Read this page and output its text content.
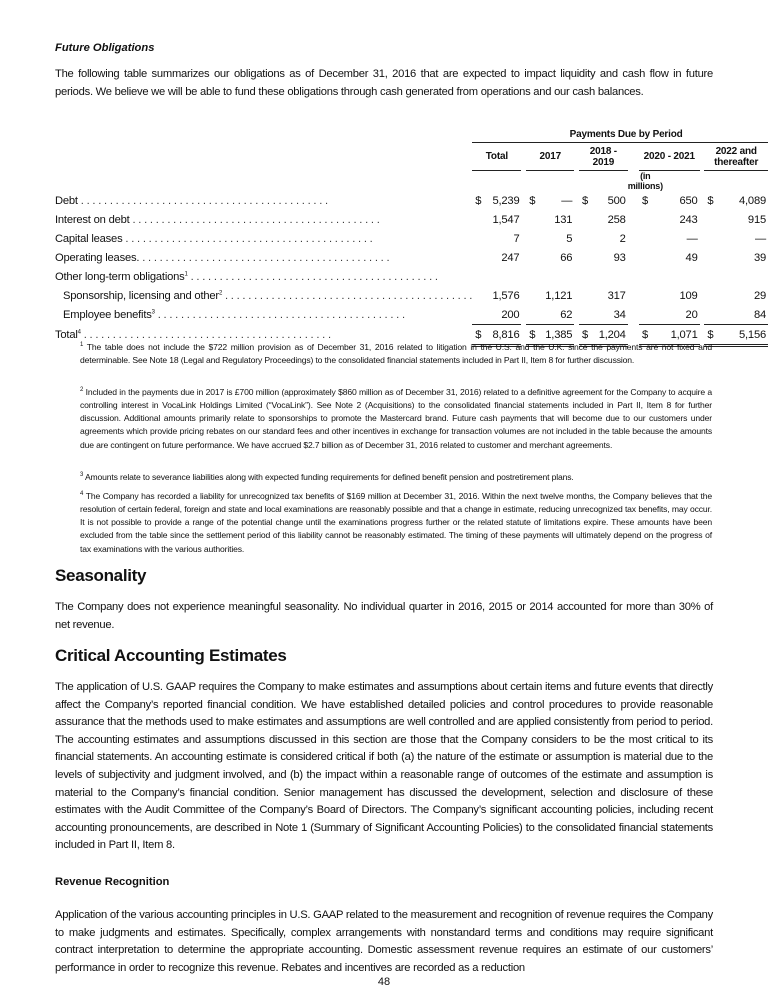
Future Obligations
The following table summarizes our obligations as of December 31, 2016 that are expected to impact liquidity and cash flow in future periods. We believe we will be able to fund these obligations through cash generated from operations and our cash balances.
	Payments Due by Period													
	Total			2017			2018 - 2019			2020 - 2021			2022 and thereafter	
									(in millions)					
Debt . . . . . . . . . . . . . . . . . . . . . . . . . . . . . . . . . . . . . . . . . . .	$	5,239		$	—		$	500		$	650		$	4,089
Interest on debt . . . . . . . . . . . . . . . . . . . . . . . . . . . . . . . . . . . . . . . . . . .		1,547			131			258			243			915
Capital leases . . . . . . . . . . . . . . . . . . . . . . . . . . . . . . . . . . . . . . . . . . .		7			5			2			—			—
Operating leases. . . . . . . . . . . . . . . . . . . . . . . . . . . . . . . . . . . . . . . . . . . .		247			66			93			49			39
Other long-term obligations$^1$ . . . . . . . . . . . . . . . . . . . . . . . . . . . . . . . . . . . . . . . . . . .														
Sponsorship, licensing and other$^2$ . . . . . . . . . . . . . . . . . . . . . . . . . . . . . . . . . . . . . . . . . . .		1,576			1,121			317			109			29
Employee benefits$^3$ . . . . . . . . . . . . . . . . . . . . . . . . . . . . . . . . . . . . . . . . . . .		200			62			34			20			84
Total$^4$ . . . . . . . . . . . . . . . . . . . . . . . . . . . . . . . . . . . . . . . . . . .	$	8,816		$	1,385		$	1,204		$	1,071		$	5,156
$^1$ The table does not include the $722 million provision as of December 31, 2016 related to litigation in the U.S. and the U.K. since the payments are not fixed and determinable. See Note 18 (Legal and Regulatory Proceedings) to the consolidated financial statements included in Part II, Item 8 for further discussion.
$^2$ Included in the payments due in 2017 is £700 million (approximately $860 million as of December 31, 2016) related to a definitive agreement for the Company to acquire a controlling interest in VocaLink Holdings Limited (“VocaLink”). See Note 2 (Acquisitions) to the consolidated financial statements included in Part II, Item 8 for further discussion. Additional amounts primarily relate to sponsorships to promote the Mastercard brand. Future cash payments that will become due to our customers under agreements which provide pricing rebates on our standard fees and other incentives in exchange for transaction volumes are not included in the table because the amounts due are contingent on future performance. We have accrued $2.7 billion as of December 31, 2016 related to customer and merchant agreements.
$^3$ Amounts relate to severance liabilities along with expected funding requirements for defined benefit pension and postretirement plans.
$^4$ The Company has recorded a liability for unrecognized tax benefits of $169 million at December 31, 2016. Within the next twelve months, the Company believes that the resolution of certain federal, foreign and state and local examinations are reasonably possible and that a change in estimate, reducing unrecognized tax benefits, may occur. It is not possible to provide a range of the potential change until the examinations progress further or the related statute of limitations expire. These amounts have been excluded from the table since the settlement period of this liability cannot be reasonably estimated. The timing of these payments will ultimately depend on the progress of tax examinations with the various authorities.
Seasonality
The Company does not experience meaningful seasonality. No individual quarter in 2016, 2015 or 2014 accounted for more than 30% of net revenue.
Critical Accounting Estimates
The application of U.S. GAAP requires the Company to make estimates and assumptions about certain items and future events that directly affect the Company’s reported financial condition. We have established detailed policies and control procedures to provide reasonable assurance that the methods used to make estimates and assumptions are well controlled and are applied consistently from period to period. The accounting estimates and assumptions discussed in this section are those that the Company considers to be the most critical to its financial statements. An accounting estimate is considered critical if both (a) the nature of the estimate or assumption is material due to the levels of subjectivity and judgment involved, and (b) the impact within a reasonable range of outcomes of the estimate and assumption is material to the Company’s financial condition. Senior management has discussed the development, selection and disclosure of these estimates with the Audit Committee of the Company’s Board of Directors. The Company’s significant accounting policies, including recent accounting pronouncements, are described in Note 1 (Summary of Significant Accounting Policies) to the consolidated financial statements included in Part II, Item 8.
Revenue Recognition
Application of the various accounting principles in U.S. GAAP related to the measurement and recognition of revenue requires the Company to make judgments and estimates. Specifically, complex arrangements with nonstandard terms and conditions may require significant contract interpretation to determine the appropriate accounting. Domestic assessment revenue requires an estimate of our customers’ performance in order to recognize this revenue. Rebates and incentives are recorded as a reduction
48
